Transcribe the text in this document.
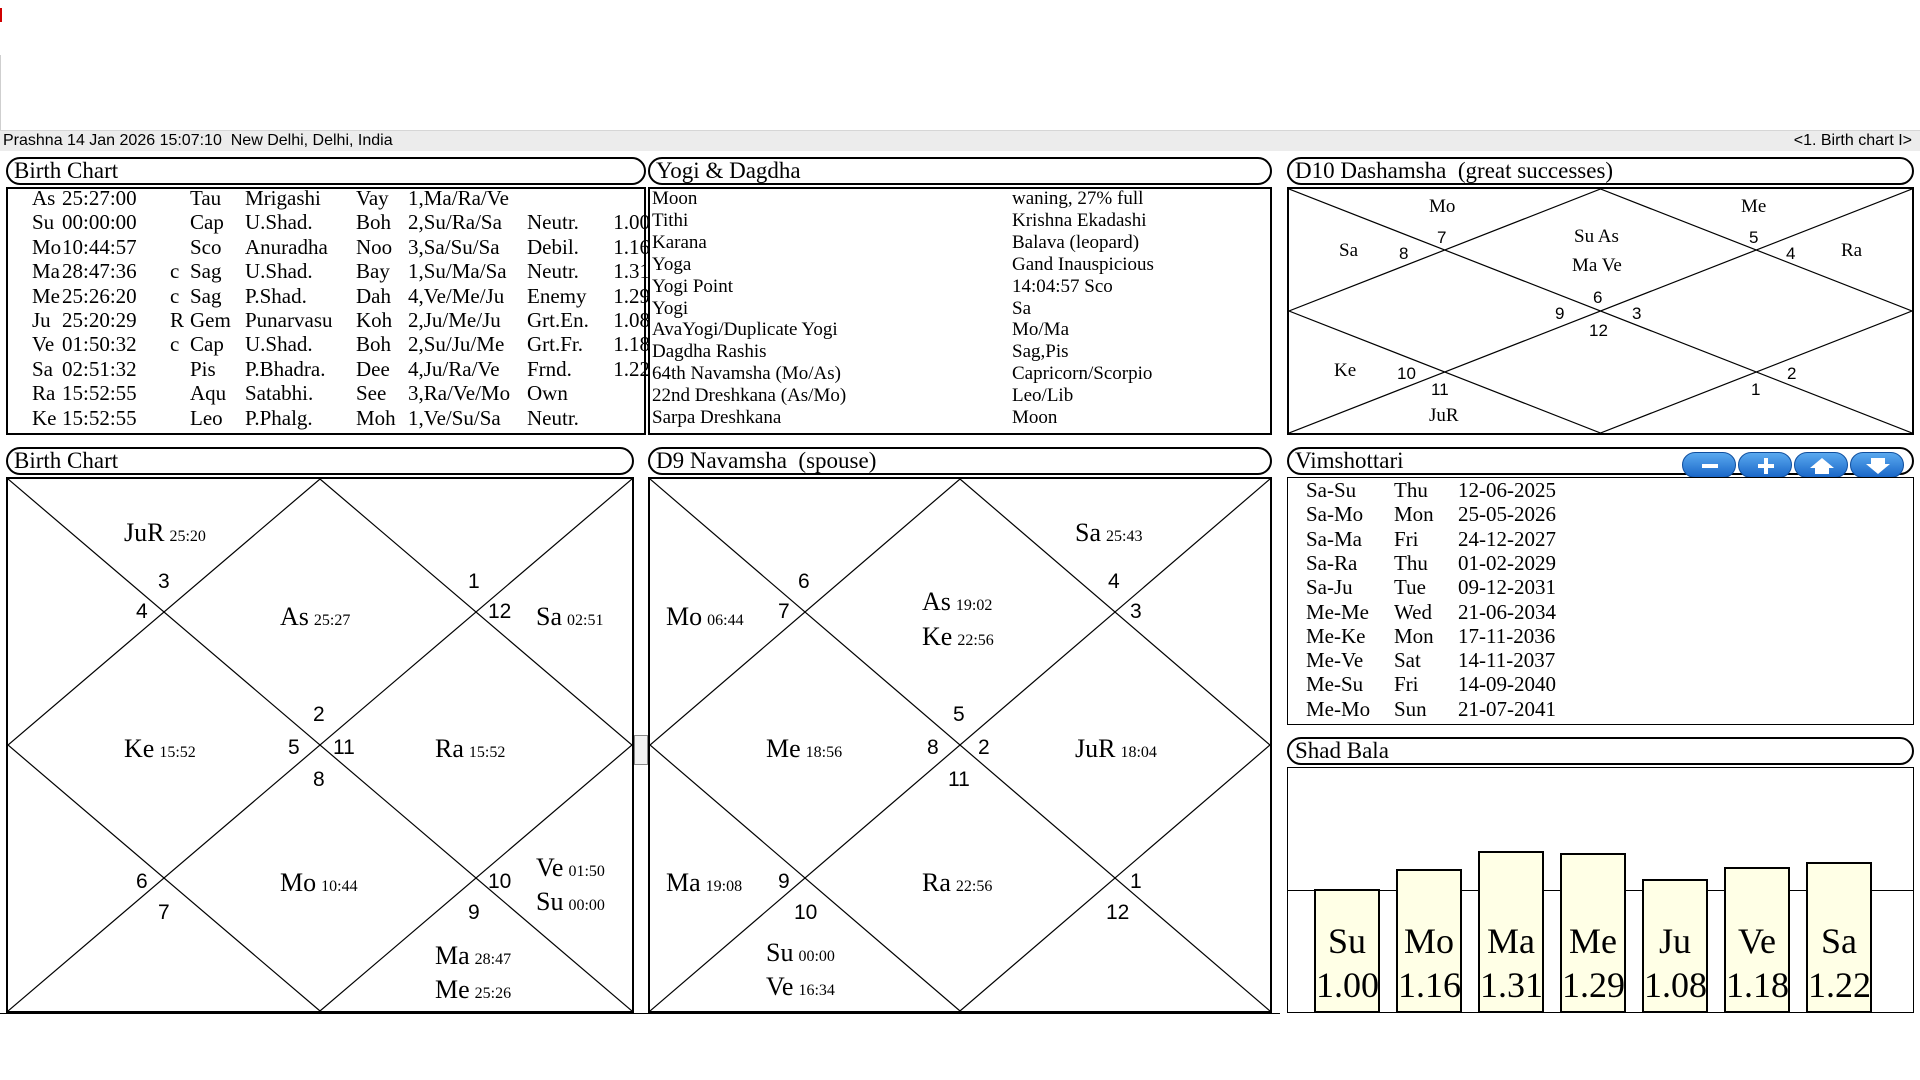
Prashna 14 Jan 2026 15:07:10  New Delhi, Delhi, India	<1. Birth chart I>
Birth Chart	Yogi & Dagdha	D10 Dashamsha  (great successes)
Mo	Me
Sa	Ra
Su As
Ma Ve
Ke
JuR
7
8
5
4
6
9	3
12
10
11
2
1
Birth Chart
JuR 25:20
As 25:27	Sa 02:51
Ke 15:52	Ra 15:52
Mo 10:44
Ve 01:50
Su 00:00
Ma 28:47
Me 25:26
3
4
1
12
2
5 11
8
6
7
10
9
D9 Navamsha  (spouse)
Sa 25:43
Mo 06:44
As 19:02
Ke 22:56
Me 18:56	JuR 18:04
Ma 19:08	Ra 22:56
Su 00:00
Ve 16:34
6
7
4
3
5
8 2
11
9
10
1
12
Vimshottari
Shad Bala
Su
1.00
Mo
1.16
Ma
1.31
Me
1.29
Ju
1.08
Ve
1.18
Sa
1.22
As 25:27:00	Tau Mrigashi Vay 1,Ma/Ra/Ve
Su 00:00:00	Cap U.Shad. Boh 2,Su/Ra/Sa Neutr. 1.00
Mo 10:44:57	Sco Anuradha Noo 3,Sa/Su/Sa Debil. 1.16
Ma 28:47:36 c Sag U.Shad. Bay 1,Su/Ma/Sa Neutr. 1.31
Me 25:26:20 c Sag P.Shad. Dah 4,Ve/Me/Ju Enemy 1.29
Ju 25:20:29 R Gem Punarvasu Koh 2,Ju/Me/Ju Grt.En. 1.08
Ve 01:50:32 c Cap U.Shad. Boh 2,Su/Ju/Me Grt.Fr. 1.18
Sa 02:51:32	Pis P.Bhadra. Dee 4,Ju/Ra/Ve Frnd. 1.22
Ra 15:52:55	Aqu Satabhi. See 3,Ra/Ve/Mo Own
Ke 15:52:55	Leo P.Phalg. Moh 1,Ve/Su/Sa Neutr.
Moon	waning, 27% full
Tithi	Krishna Ekadashi
Karana	Balava (leopard)
Yoga	Gand Inauspicious
Yogi Point	14:04:57 Sco
Yogi	Sa
AvaYogi/Duplicate Yogi	Mo/Ma
Dagdha Rashis	Sag,Pis
64th Navamsha (Mo/As)	Capricorn/Scorpio
22nd Dreshkana (As/Mo)	Leo/Lib
Sarpa Dreshkana	Moon
Sa-Su Thu 12-06-2025
Sa-Mo Mon 25-05-2026
Sa-Ma Fri 24-12-2027
Sa-Ra Thu 01-02-2029
Sa-Ju Tue 09-12-2031
Me-Me Wed 21-06-2034
Me-Ke Mon 17-11-2036
Me-Ve Sat 14-11-2037
Me-Su Fri 14-09-2040
Me-Mo Sun 21-07-2041
